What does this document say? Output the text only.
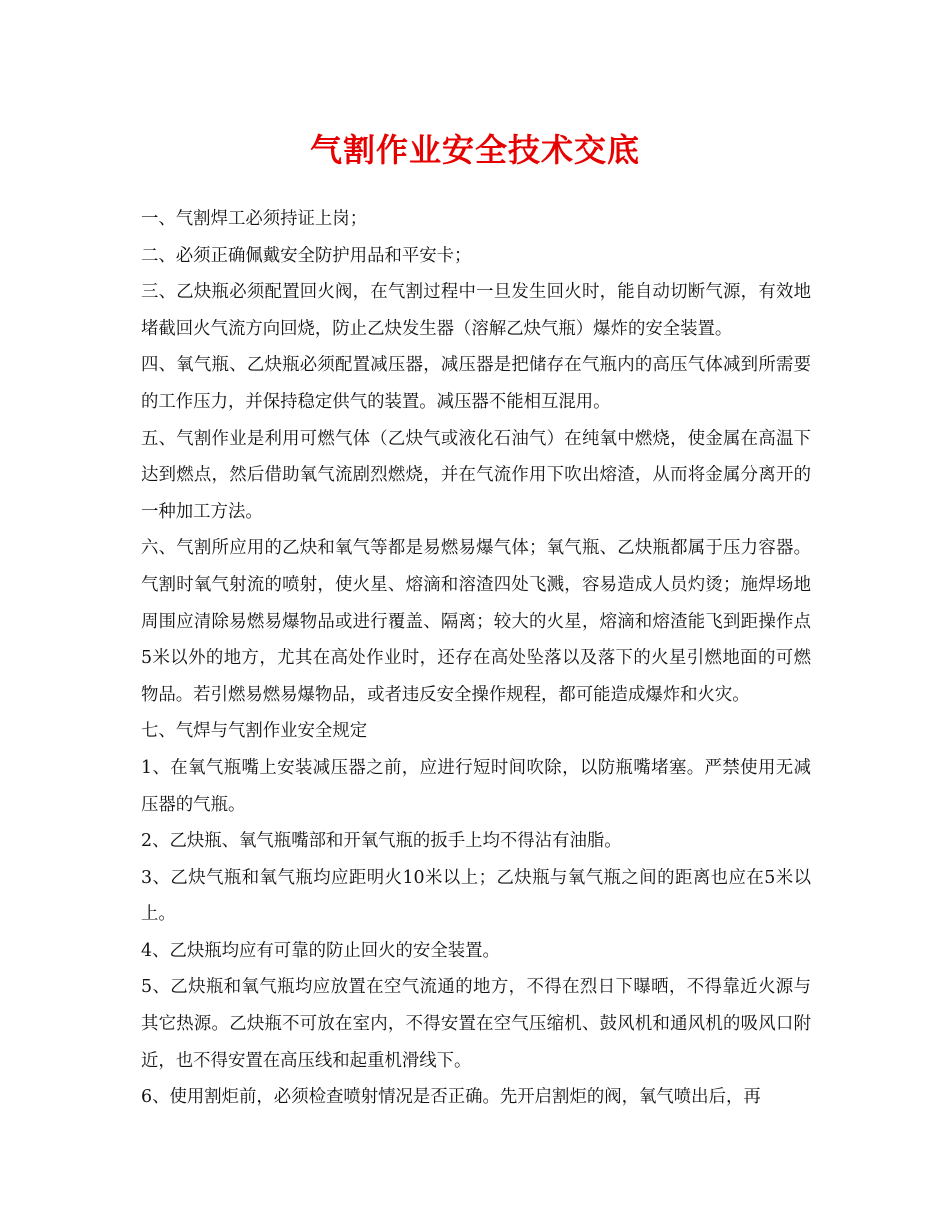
气割作业安全技术交底

一、气割焊工必须持证上岗；

二、必须正确佩戴安全防护用品和平安卡；

三、乙炔瓶必须配置回火阀，在气割过程中一旦发生回火时，能自动切断气源，有效地堵截回火气流方向回烧，防止乙炔发生器（溶解乙炔气瓶）爆炸的安全装置。

四、氧气瓶、乙炔瓶必须配置减压器，减压器是把储存在气瓶内的高压气体减到所需要的工作压力，并保持稳定供气的装置。减压器不能相互混用。

五、气割作业是利用可燃气体（乙炔气或液化石油气）在纯氧中燃烧，使金属在高温下达到燃点，然后借助氧气流剧烈燃烧，并在气流作用下吹出熔渣，从而将金属分离开的一种加工方法。

六、气割所应用的乙炔和氧气等都是易燃易爆气体；氧气瓶、乙炔瓶都属于压力容器。气割时氧气射流的喷射，使火星、熔滴和溶渣四处飞溅，容易造成人员灼烫；施焊场地周围应清除易燃易爆物品或进行覆盖、隔离；较大的火星，熔滴和熔渣能飞到距操作点5米以外的地方，尤其在高处作业时，还存在高处坠落以及落下的火星引燃地面的可燃物品。若引燃易燃易爆物品，或者违反安全操作规程，都可能造成爆炸和火灾。

七、气焊与气割作业安全规定

1、在氧气瓶嘴上安装减压器之前，应进行短时间吹除，以防瓶嘴堵塞。严禁使用无减压器的气瓶。

2、乙炔瓶、氧气瓶嘴部和开氧气瓶的扳手上均不得沾有油脂。

3、乙炔气瓶和氧气瓶均应距明火10米以上；乙炔瓶与氧气瓶之间的距离也应在5米以上。

4、乙炔瓶均应有可靠的防止回火的安全装置。

5、乙炔瓶和氧气瓶均应放置在空气流通的地方，不得在烈日下曝晒，不得靠近火源与其它热源。乙炔瓶不可放在室内，不得安置在空气压缩机、鼓风机和通风机的吸风口附近，也不得安置在高压线和起重机滑线下。

6、使用割炬前，必须检查喷射情况是否正确。先开启割炬的阀，氧气喷出后，再
